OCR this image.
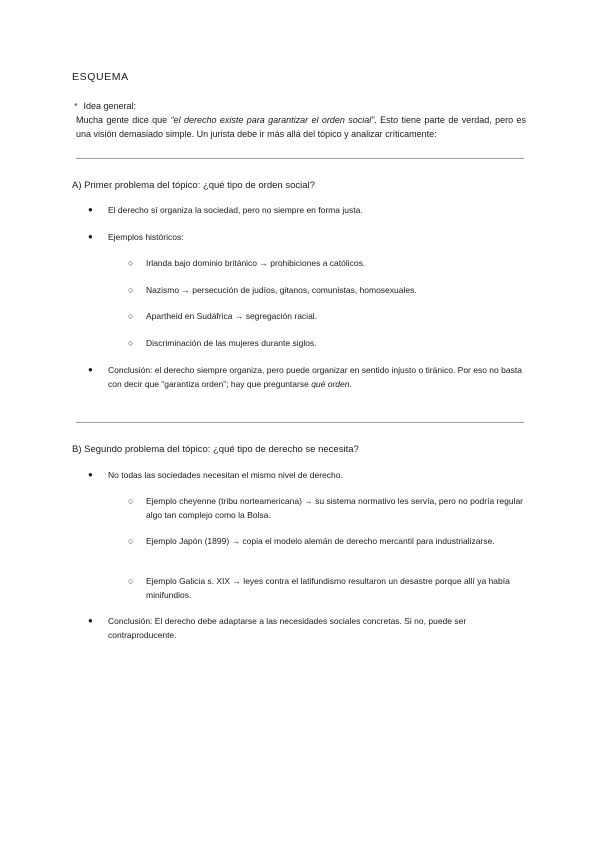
ESQUEMA
• Idea general:
Mucha gente dice que “el derecho existe para garantizar el orden social”. Esto tiene parte de verdad, pero es una visión demasiado simple. Un jurista debe ir más allá del tópico y analizar críticamente:
A) Primer problema del tópico: ¿qué tipo de orden social?
● El derecho sí organiza la sociedad, pero no siempre en forma justa.
● Ejemplos históricos:
○ Irlanda bajo dominio británico → prohibiciones a católicos.
○ Nazismo → persecución de judíos, gitanos, comunistas, homosexuales.
○ Apartheid en Sudáfrica → segregación racial.
○ Discriminación de las mujeres durante siglos.
● Conclusión: el derecho siempre organiza, pero puede organizar en sentido injusto o tiránico. Por eso no basta con decir que “garantiza orden”; hay que preguntarse qué orden.
B) Segundo problema del tópico: ¿qué tipo de derecho se necesita?
● No todas las sociedades necesitan el mismo nivel de derecho.
○ Ejemplo cheyenne (tribu norteamericana) → su sistema normativo les servía, pero no podría regular algo tan complejo como la Bolsa.
○ Ejemplo Japón (1899) → copia el modelo alemán de derecho mercantil para industrializarse.
○ Ejemplo Galicia s. XIX → leyes contra el latifundismo resultaron un desastre porque allí ya había minifundios.
● Conclusión: El derecho debe adaptarse a las necesidades sociales concretas. Si no, puede ser contraproducente.
